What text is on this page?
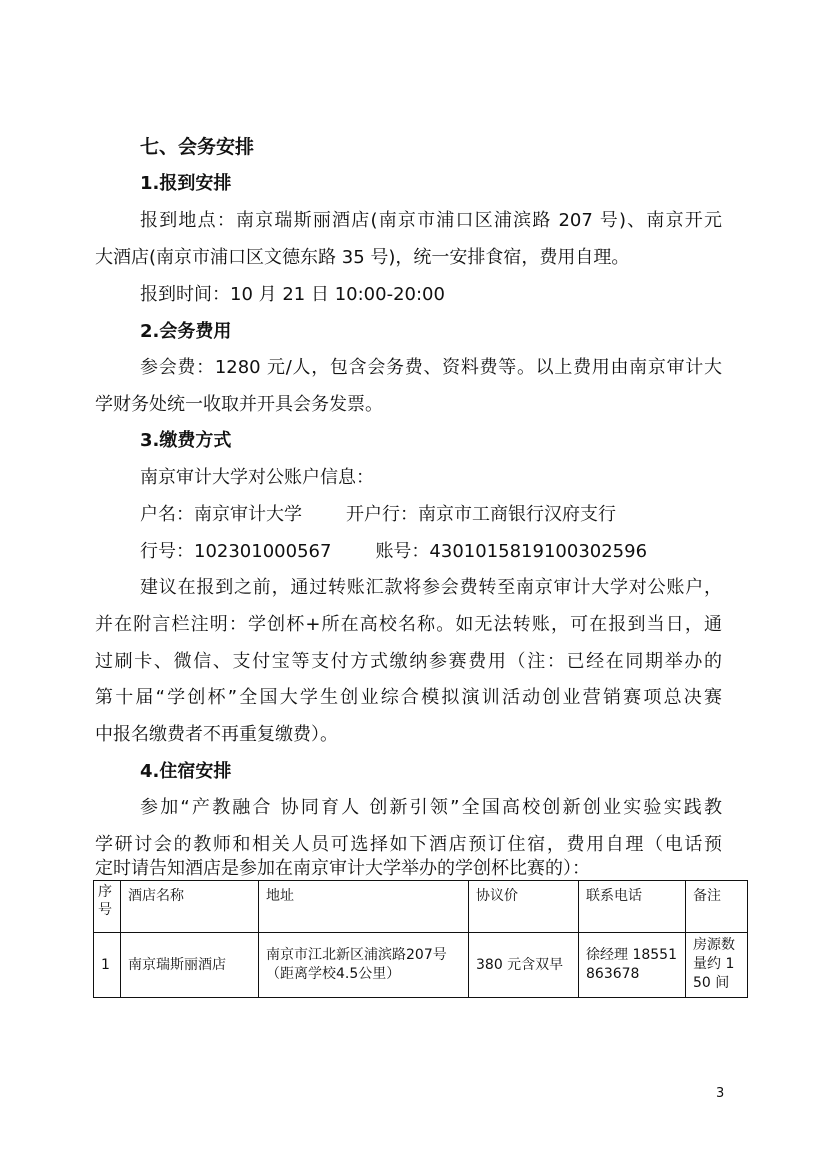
七、会务安排
1.报到安排
报到地点：南京瑞斯丽酒店(南京市浦口区浦滨路 207 号)、南京开元
大酒店(南京市浦口区文德东路 35 号)，统一安排食宿，费用自理。
报到时间：10 月 21 日 10:00-20:00
2.会务费用
参会费：1280 元/人，包含会务费、资料费等。以上费用由南京审计大
学财务处统一收取并开具会务发票。
3.缴费方式
南京审计大学对公账户信息：
户名：南京审计大学 开户行：南京市工商银行汉府支行
行号：102301000567 账号：4301015819100302596
建议在报到之前，通过转账汇款将参会费转至南京审计大学对公账户，
并在附言栏注明：学创杯+所在高校名称。如无法转账，可在报到当日，通
过刷卡、微信、支付宝等支付方式缴纳参赛费用（注：已经在同期举办的
第十届“学创杯”全国大学生创业综合模拟演训活动创业营销赛项总决赛
中报名缴费者不再重复缴费）。
4.住宿安排
参加“产教融合 协同育人 创新引领”全国高校创新创业实验实践教
学研讨会的教师和相关人员可选择如下酒店预订住宿，费用自理（电话预
定时请告知酒店是参加在南京审计大学举办的学创杯比赛的）：
序号	酒店名称	地址	协议价	联系电话	备注
1	南京瑞斯丽酒店	南京市江北新区浦滨路207号（距离学校4.5公里）	380 元含双早	徐经理 18551863678	房源数量约 150 间
3
